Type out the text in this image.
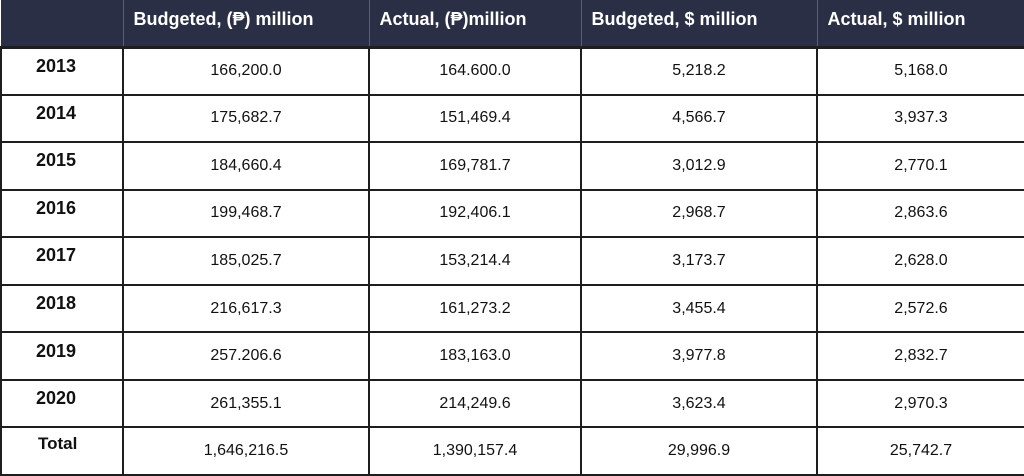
	Budgeted, (₱) million	Actual, (₱)million	Budgeted, $ million	Actual, $ million
2013	166,200.0	164.600.0	5,218.2	5,168.0
2014	175,682.7	151,469.4	4,566.7	3,937.3
2015	184,660.4	169,781.7	3,012.9	2,770.1
2016	199,468.7	192,406.1	2,968.7	2,863.6
2017	185,025.7	153,214.4	3,173.7	2,628.0
2018	216,617.3	161,273.2	3,455.4	2,572.6
2019	257.206.6	183,163.0	3,977.8	2,832.7
2020	261,355.1	214,249.6	3,623.4	2,970.3
Total	1,646,216.5	1,390,157.4	29,996.9	25,742.7
